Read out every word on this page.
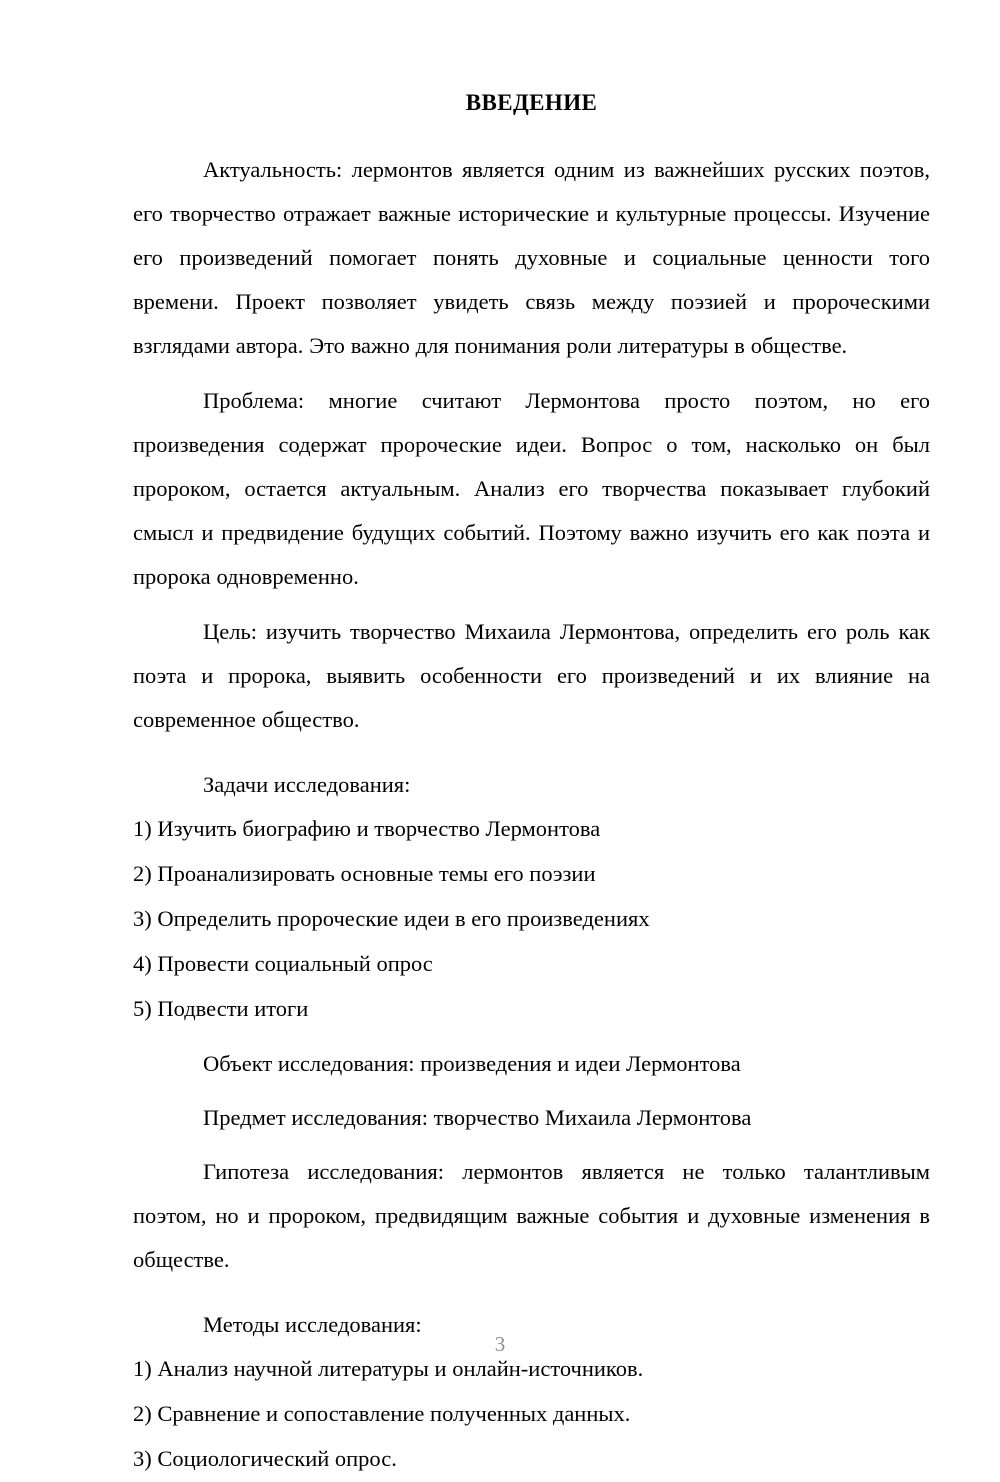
ВВЕДЕНИЕ

Актуальность: лермонтов является одним из важнейших русских поэтов, его творчество отражает важные исторические и культурные процессы. Изучение его произведений помогает понять духовные и социальные ценности того времени. Проект позволяет увидеть связь между поэзией и пророческими взглядами автора. Это важно для понимания роли литературы в обществе.

Проблема: многие считают Лермонтова просто поэтом, но его произведения содержат пророческие идеи. Вопрос о том, насколько он был пророком, остается актуальным. Анализ его творчества показывает глубокий смысл и предвидение будущих событий. Поэтому важно изучить его как поэта и пророка одновременно.

Цель: изучить творчество Михаила Лермонтова, определить его роль как поэта и пророка, выявить особенности его произведений и их влияние на современное общество.

Задачи исследования:

1) Изучить биографию и творчество Лермонтова
2) Проанализировать основные темы его поэзии
3) Определить пророческие идеи в его произведениях
4) Провести социальный опрос
5) Подвести итоги

Объект исследования: произведения и идеи Лермонтова

Предмет исследования: творчество Михаила Лермонтова

Гипотеза исследования: лермонтов является не только талантливым поэтом, но и пророком, предвидящим важные события и духовные изменения в обществе.

Методы исследования:

1) Анализ научной литературы и онлайн-источников.
2) Сравнение и сопоставление полученных данных.
3) Социологический опрос.
3
